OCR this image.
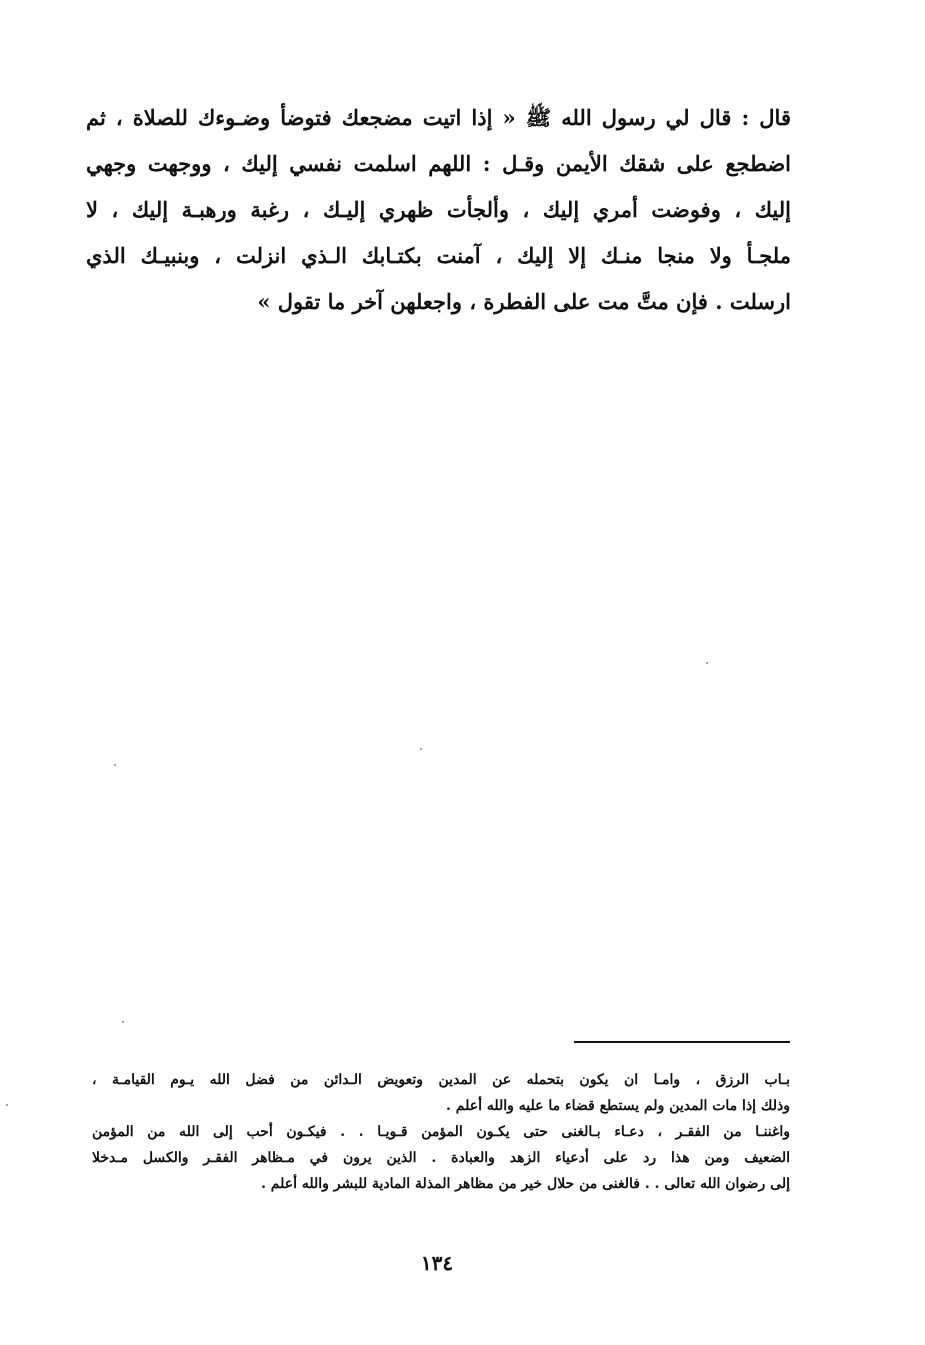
قال : قال لي رسول الله ﷺ « إذا اتيت مضجعك فتوضأ وضـوءك للصلاة ، ثم
اضطجع على شقك الأيمن وقـل : اللهم اسلمت نفسي إليك ، ووجهت وجهي
إليك ، وفوضت أمري إليك ، وألجأت ظهري إليـك ، رغبة ورهبـة إليك ، لا
ملجـأ ولا منجا منـك إلا إليك ، آمنت بكتـابك الـذي انزلت ، وبنبيـك الذي
ارسلت . فإن متَّ مت على الفطرة ، واجعلهن آخر ما تقول »
بـاب الرزق ، وامـا ان يكون بتحمله عن المدين وتعويض الـدائن من فضل الله يـوم القيامـة ،
وذلك إذا مات المدين ولم يستطع قضاء ما عليه والله أعلم .
واغننـا من الفقـر ، دعـاء بـالغنى حتى يكـون المؤمن قـويـا . . فيكـون أحب إلى الله من المؤمن
الضعيف ومن هذا رد على أدعياء الزهد والعبادة . الذين يرون في مـظاهر الفقـر والكسل مـدخلا
إلى رضوان الله تعالى . . فالغنى من حلال خير من مظاهر المذلة المادية للبشر والله أعلم .
١٣٤
